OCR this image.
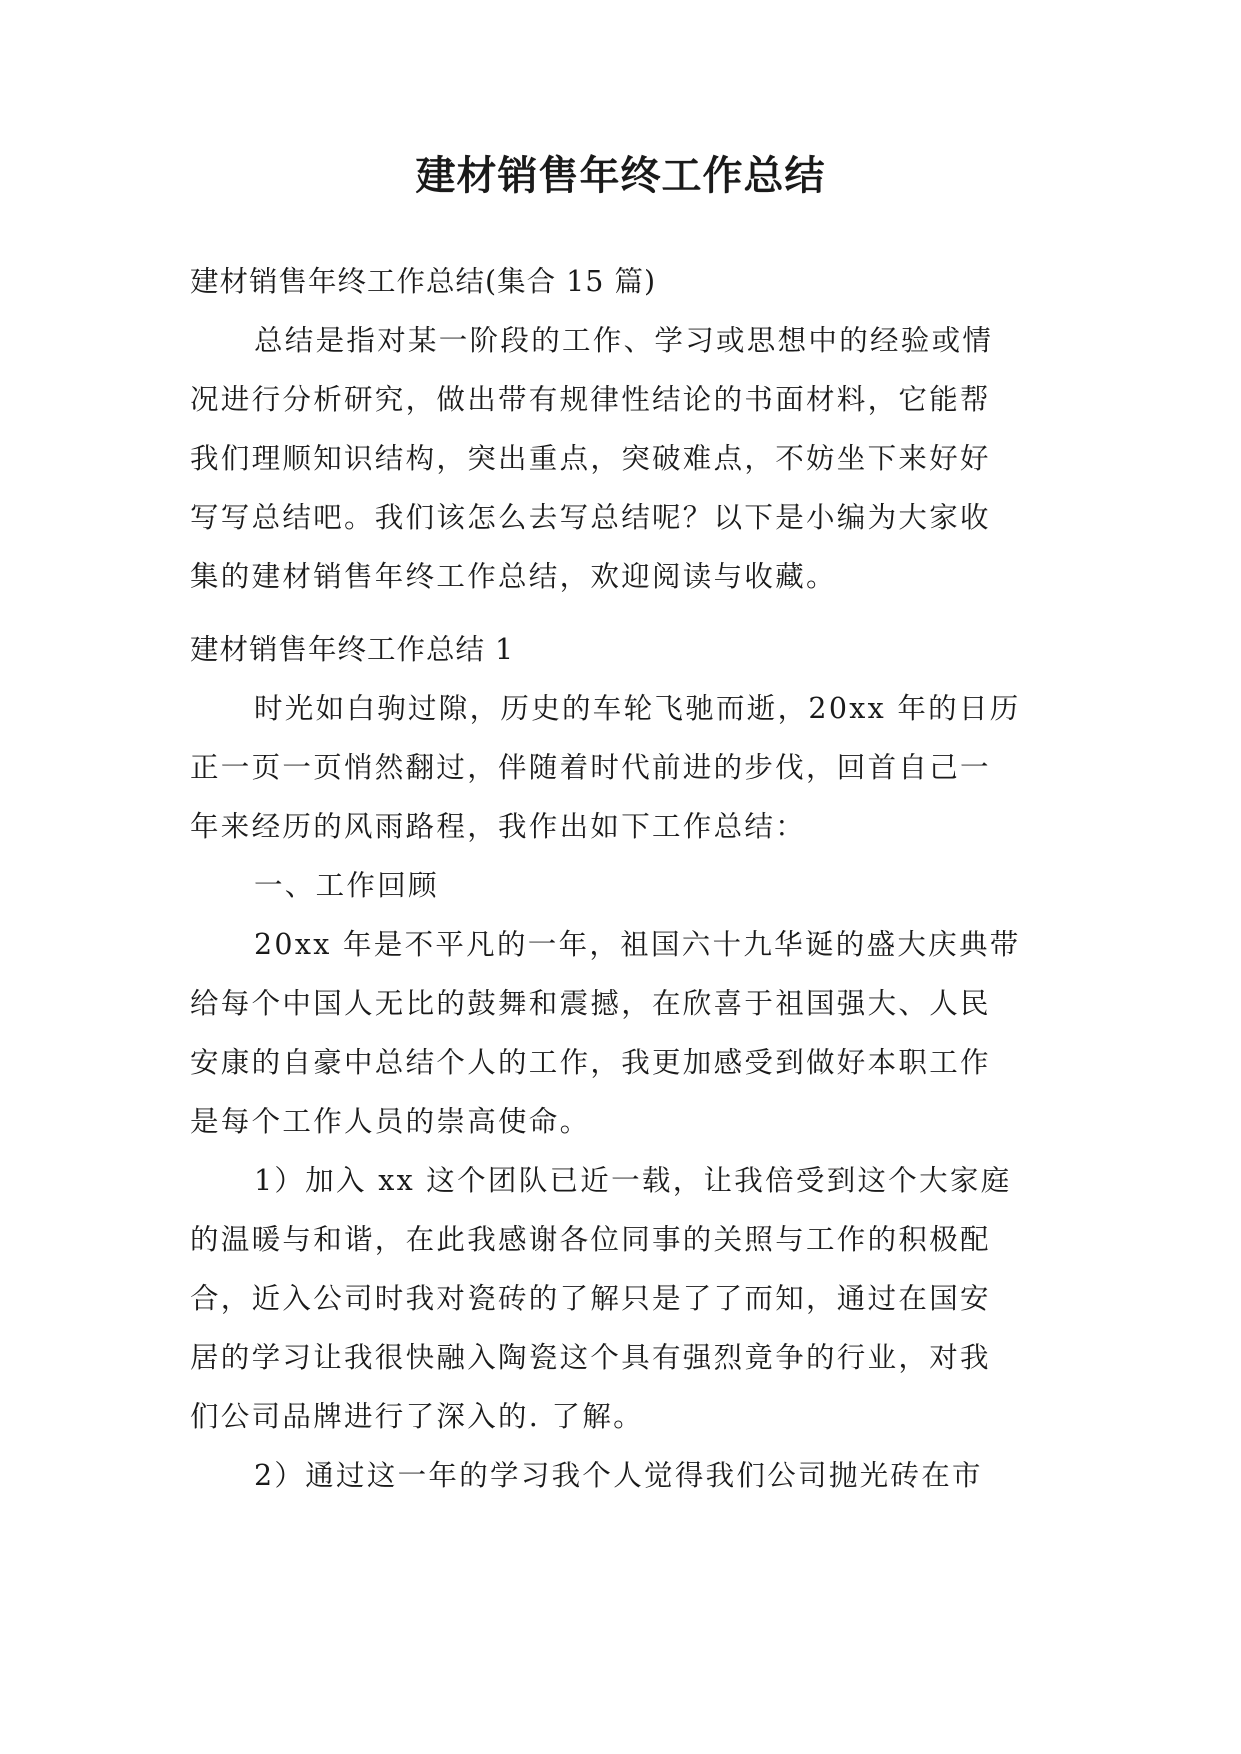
建材销售年终工作总结
建材销售年终工作总结(集合 15 篇)
总结是指对某一阶段的工作、学习或思想中的经验或情
况进行分析研究，做出带有规律性结论的书面材料，它能帮
我们理顺知识结构，突出重点，突破难点，不妨坐下来好好
写写总结吧。我们该怎么去写总结呢？以下是小编为大家收
集的建材销售年终工作总结，欢迎阅读与收藏。
建材销售年终工作总结 1
时光如白驹过隙，历史的车轮飞驰而逝，20xx 年的日历
正一页一页悄然翻过，伴随着时代前进的步伐，回首自己一
年来经历的风雨路程，我作出如下工作总结：
一、工作回顾
20xx 年是不平凡的一年，祖国六十九华诞的盛大庆典带
给每个中国人无比的鼓舞和震撼，在欣喜于祖国强大、人民
安康的自豪中总结个人的工作，我更加感受到做好本职工作
是每个工作人员的崇高使命。
1）加入 xx 这个团队已近一载，让我倍受到这个大家庭
的温暖与和谐，在此我感谢各位同事的关照与工作的积极配
合，近入公司时我对瓷砖的了解只是了了而知，通过在国安
居的学习让我很快融入陶瓷这个具有强烈竟争的行业，对我
们公司品牌进行了深入的. 了解。
2）通过这一年的学习我个人觉得我们公司抛光砖在市
